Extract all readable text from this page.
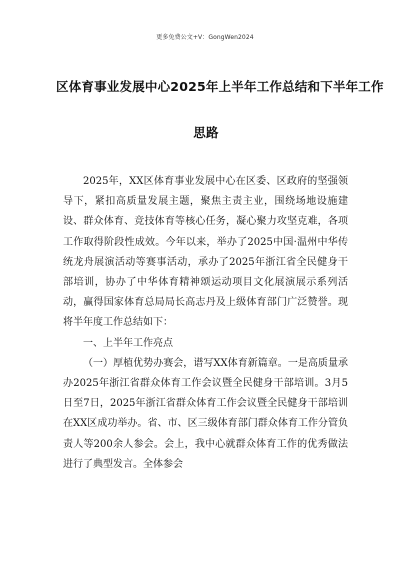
更多免费公文+V：GongWen2024
区体育事业发展中心2025年上半年工作总结和下半年工作
思路

2025年，XX区体育事业发展中心在区委、区政府的坚强领导下，紧扣高质量发展主题，聚焦主责主业，围绕场地设施建设、群众体育、竞技体育等核心任务，凝心聚力攻坚克难，各项工作取得阶段性成效。今年以来，举办了2025中国·温州中华传统龙舟展演活动等赛事活动，承办了2025年浙江省全民健身干部培训，协办了中华体育精神颂运动项目文化展演展示系列活动，赢得国家体育总局局长高志丹及上级体育部门广泛赞誉。现将半年度工作总结如下：

一、上半年工作亮点

（一）厚植优势办赛会，谱写XX体育新篇章。一是高质量承办2025年浙江省群众体育工作会议暨全民健身干部培训。3月5日至7日，2025年浙江省群众体育工作会议暨全民健身干部培训在XX区成功举办。省、市、区三级体育部门群众体育工作分管负责人等200余人参会。会上，我中心就群众体育工作的优秀做法进行了典型发言。全体参会
